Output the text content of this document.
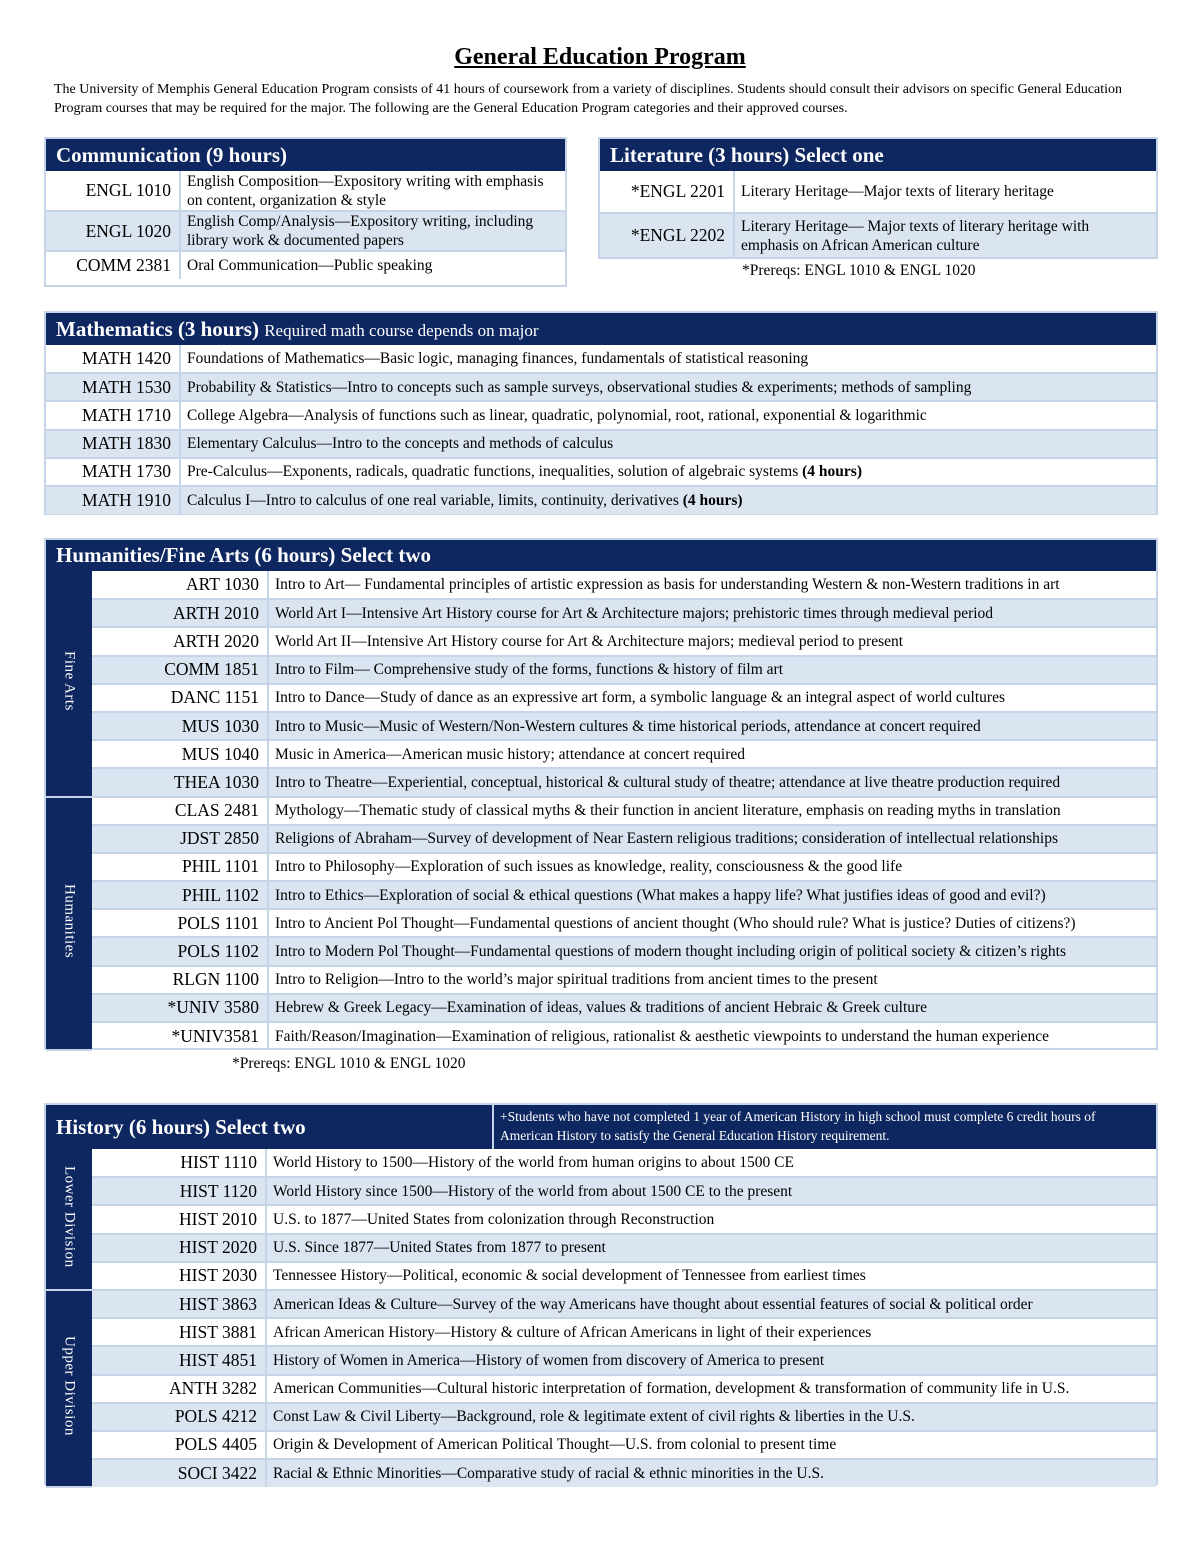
General Education Program
The University of Memphis General Education Program consists of 41 hours of coursework from a variety of disciplines. Students should consult their advisors on specific General Education Program courses that may be required for the major. The following are the General Education Program categories and their approved courses.
Communication (9 hours)
ENGL 1010	English Composition—Expository writing with emphasis on content, organization & style
ENGL 1020	English Comp/Analysis—Expository writing, including library work & documented papers
COMM 2381	Oral Communication—Public speaking
Literature (3 hours) Select one
*ENGL 2201	Literary Heritage—Major texts of literary heritage
*ENGL 2202	Literary Heritage— Major texts of literary heritage with emphasis on African American culture
*Prereqs: ENGL 1010 & ENGL 1020
Mathematics (3 hours) Required math course depends on major
MATH 1420	Foundations of Mathematics—Basic logic, managing finances, fundamentals of statistical reasoning
MATH 1530	Probability & Statistics—Intro to concepts such as sample surveys, observational studies & experiments; methods of sampling
MATH 1710	College Algebra—Analysis of functions such as linear, quadratic, polynomial, root, rational, exponential & logarithmic
MATH 1830	Elementary Calculus—Intro to the concepts and methods of calculus
MATH 1730	Pre-Calculus—Exponents, radicals, quadratic functions, inequalities, solution of algebraic systems (4 hours)
MATH 1910	Calculus I—Intro to calculus of one real variable, limits, continuity, derivatives (4 hours)
Humanities/Fine Arts (6 hours) Select two
Fine Arts	ART 1030	Intro to Art— Fundamental principles of artistic expression as basis for understanding Western & non-Western traditions in art
	ARTH 2010	World Art I—Intensive Art History course for Art & Architecture majors; prehistoric times through medieval period
	ARTH 2020	World Art II—Intensive Art History course for Art & Architecture majors; medieval period to present
	COMM 1851	Intro to Film— Comprehensive study of the forms, functions & history of film art
	DANC 1151	Intro to Dance—Study of dance as an expressive art form, a symbolic language & an integral aspect of world cultures
	MUS 1030	Intro to Music—Music of Western/Non-Western cultures & time historical periods, attendance at concert required
	MUS 1040	Music in America—American music history; attendance at concert required
	THEA 1030	Intro to Theatre—Experiential, conceptual, historical & cultural study of theatre; attendance at live theatre production required
Humanities	CLAS 2481	Mythology—Thematic study of classical myths & their function in ancient literature, emphasis on reading myths in translation
	JDST 2850	Religions of Abraham—Survey of development of Near Eastern religious traditions; consideration of intellectual relationships
	PHIL 1101	Intro to Philosophy—Exploration of such issues as knowledge, reality, consciousness & the good life
	PHIL 1102	Intro to Ethics—Exploration of social & ethical questions (What makes a happy life? What justifies ideas of good and evil?)
	POLS 1101	Intro to Ancient Pol Thought—Fundamental questions of ancient thought (Who should rule? What is justice? Duties of citizens?)
	POLS 1102	Intro to Modern Pol Thought—Fundamental questions of modern thought including origin of political society & citizen’s rights
	RLGN 1100	Intro to Religion—Intro to the world’s major spiritual traditions from ancient times to the present
	*UNIV 3580	Hebrew & Greek Legacy—Examination of ideas, values & traditions of ancient Hebraic & Greek culture
	*UNIV3581	Faith/Reason/Imagination—Examination of religious, rationalist & aesthetic viewpoints to understand the human experience
*Prereqs: ENGL 1010 & ENGL 1020
History (6 hours) Select two	+Students who have not completed 1 year of American History in high school must complete 6 credit hours of American History to satisfy the General Education History requirement.
Lower Division	HIST 1110	World History to 1500—History of the world from human origins to about 1500 CE
	HIST 1120	World History since 1500—History of the world from about 1500 CE to the present
	HIST 2010	U.S. to 1877—United States from colonization through Reconstruction
	HIST 2020	U.S. Since 1877—United States from 1877 to present
	HIST 2030	Tennessee History—Political, economic & social development of Tennessee from earliest times
Upper Division	HIST 3863	American Ideas & Culture—Survey of the way Americans have thought about essential features of social & political order
	HIST 3881	African American History—History & culture of African Americans in light of their experiences
	HIST 4851	History of Women in America—History of women from discovery of America to present
	ANTH 3282	American Communities—Cultural historic interpretation of formation, development & transformation of community life in U.S.
	POLS 4212	Const Law & Civil Liberty—Background, role & legitimate extent of civil rights & liberties in the U.S.
	POLS 4405	Origin & Development of American Political Thought—U.S. from colonial to present time
	SOCI 3422	Racial & Ethnic Minorities—Comparative study of racial & ethnic minorities in the U.S.
